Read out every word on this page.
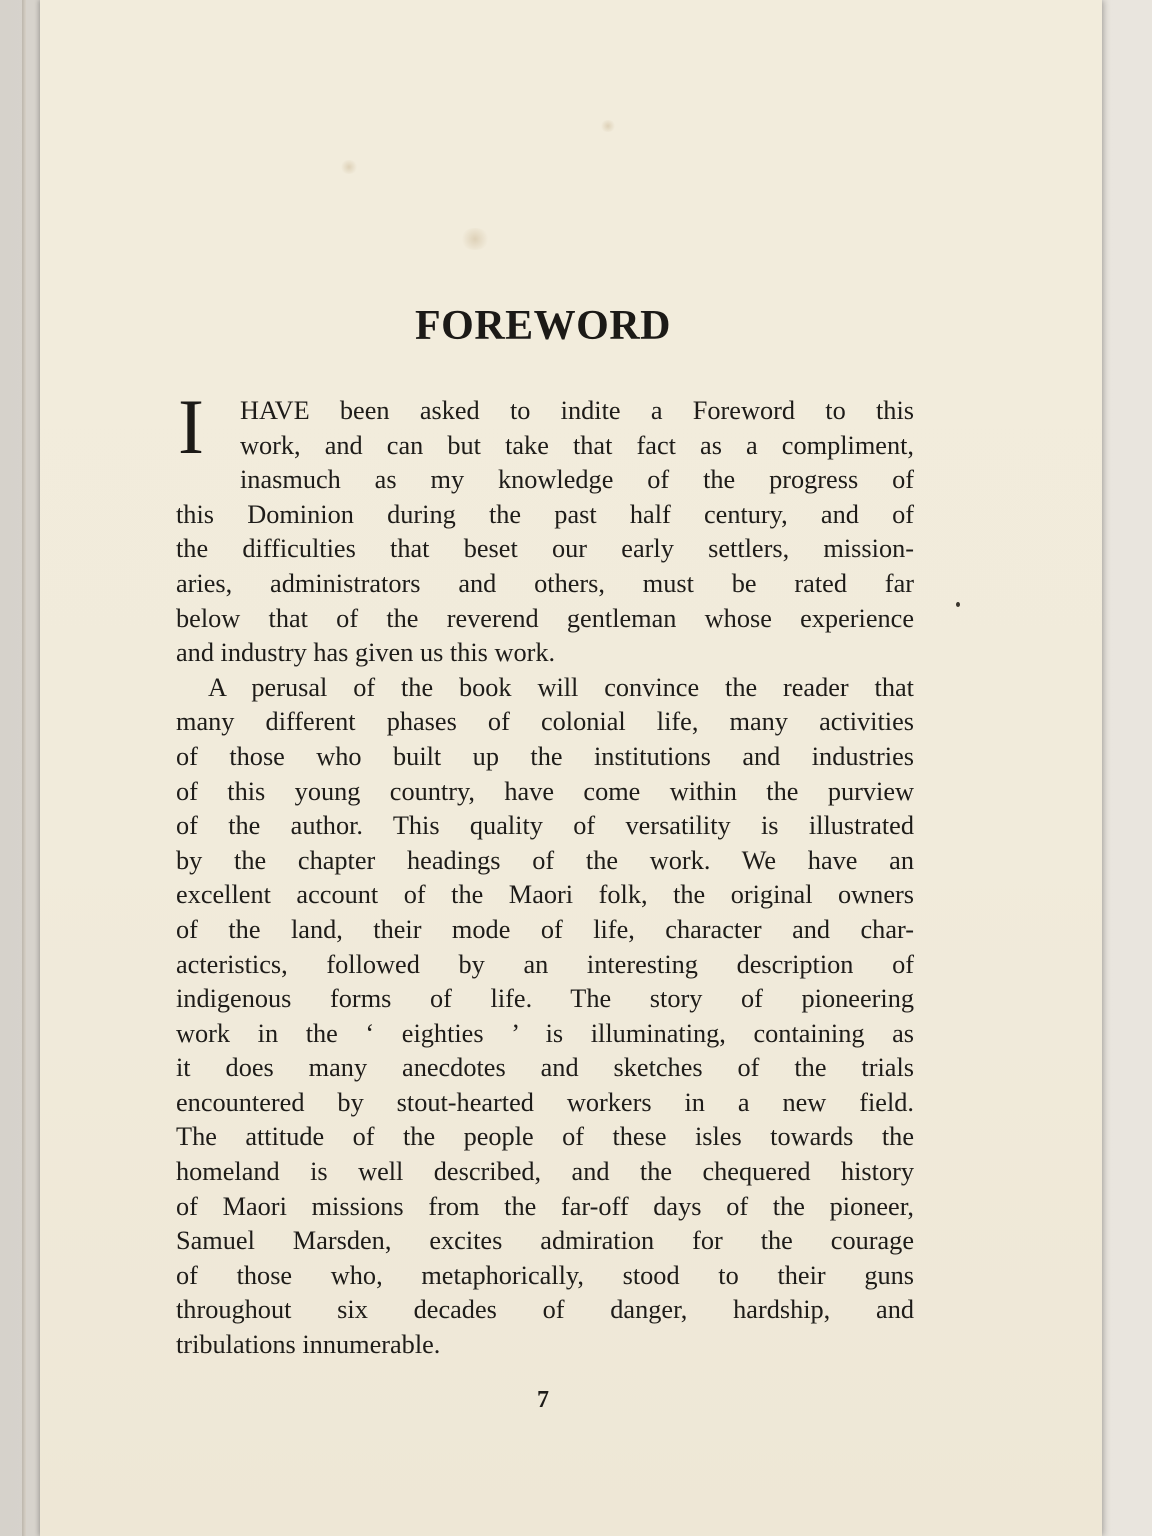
FOREWORD
I	HAVE been asked to indite a Foreword to this
work, and can but take that fact as a compliment,
inasmuch as my knowledge of the progress of
this Dominion during the past half century, and of
the difficulties that beset our early settlers, mission-
aries, administrators and others, must be rated far
below that of the reverend gentleman whose experience
and industry has given us this work.
A perusal of the book will convince the reader that
many different phases of colonial life, many activities
of those who built up the institutions and industries
of this young country, have come within the purview
of the author. This quality of versatility is illustrated
by the chapter headings of the work. We have an
excellent account of the Maori folk, the original owners
of the land, their mode of life, character and char-
acteristics, followed by an interesting description of
indigenous forms of life. The story of pioneering
work in the ‘ eighties ’ is illuminating, containing as
it does many anecdotes and sketches of the trials
encountered by stout-hearted workers in a new field.
The attitude of the people of these isles towards the
homeland is well described, and the chequered history
of Maori missions from the far-off days of the pioneer,
Samuel Marsden, excites admiration for the courage
of those who, metaphorically, stood to their guns
throughout six decades of danger, hardship, and
tribulations innumerable.
7
